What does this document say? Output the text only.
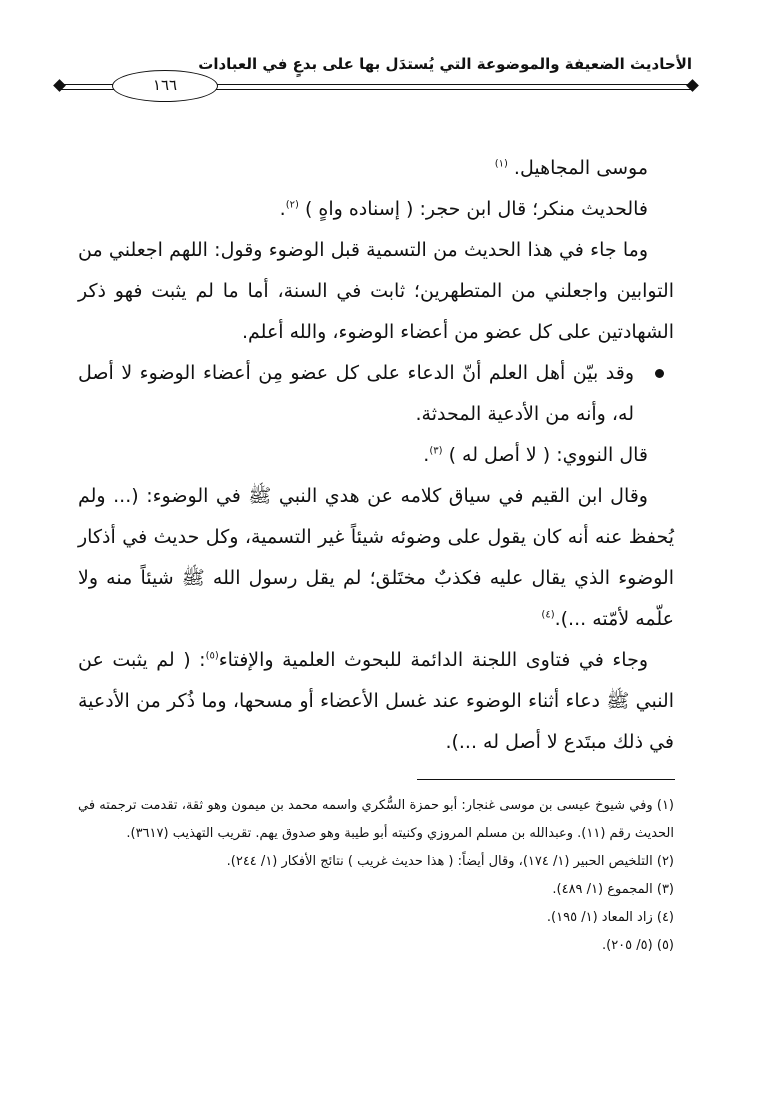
الأحاديث الضعيفة والموضوعة التي يُستدَل بها على بدعٍ في العبادات
١٦٦

موسى المجاهيل. $^{(١)}$

فالحديث منكر؛ قال ابن حجر: ( إسناده واهٍ ) $^{(٢)}$.

وما جاء في هذا الحديث من التسمية قبل الوضوء وقول: اللهم اجعلني من التوابين واجعلني من المتطهرين؛ ثابت في السنة، أما ما لم يثبت فهو ذكر الشهادتين على كل عضو من أعضاء الوضوء، والله أعلم.

وقد بيّن أهل العلم أنّ الدعاء على كل عضو مِن أعضاء الوضوء لا أصل له، وأنه من الأدعية المحدثة.

قال النووي: ( لا أصل له ) $^{(٣)}$.

وقال ابن القيم في سياق كلامه عن هدي النبي ﷺ في الوضوء: (... ولم يُحفظ عنه أنه كان يقول على وضوئه شيئاً غير التسمية، وكل حديث في أذكار الوضوء الذي يقال عليه فكذبٌ مختَلق؛ لم يقل رسول الله ﷺ شيئاً منه ولا علّمه لأمّته ...).$^{(٤)}$

وجاء في فتاوى اللجنة الدائمة للبحوث العلمية والإفتاء$^{(٥)}$: ( لم يثبت عن النبي ﷺ دعاء أثناء الوضوء عند غسل الأعضاء أو مسحها، وما ذُكر من الأدعية في ذلك مبتَدع لا أصل له ...).

(١) وفي شيوخ عيسى بن موسى غنجار: أبو حمزة السُّكري واسمه محمد بن ميمون وهو ثقة، تقدمت ترجمته في الحديث رقم (١١). وعبدالله بن مسلم المروزي وكنيته أبو طيبة وهو صدوق يهم. تقريب التهذيب (٣٦١٧).

(٢) التلخيص الحبير (١/ ١٧٤)، وقال أيضاً: ( هذا حديث غريب ) نتائج الأفكار (١/ ٢٤٤).

(٣) المجموع (١/ ٤٨٩).

(٤) زاد المعاد (١/ ١٩٥).

(٥) (٥/ ٢٠٥).
